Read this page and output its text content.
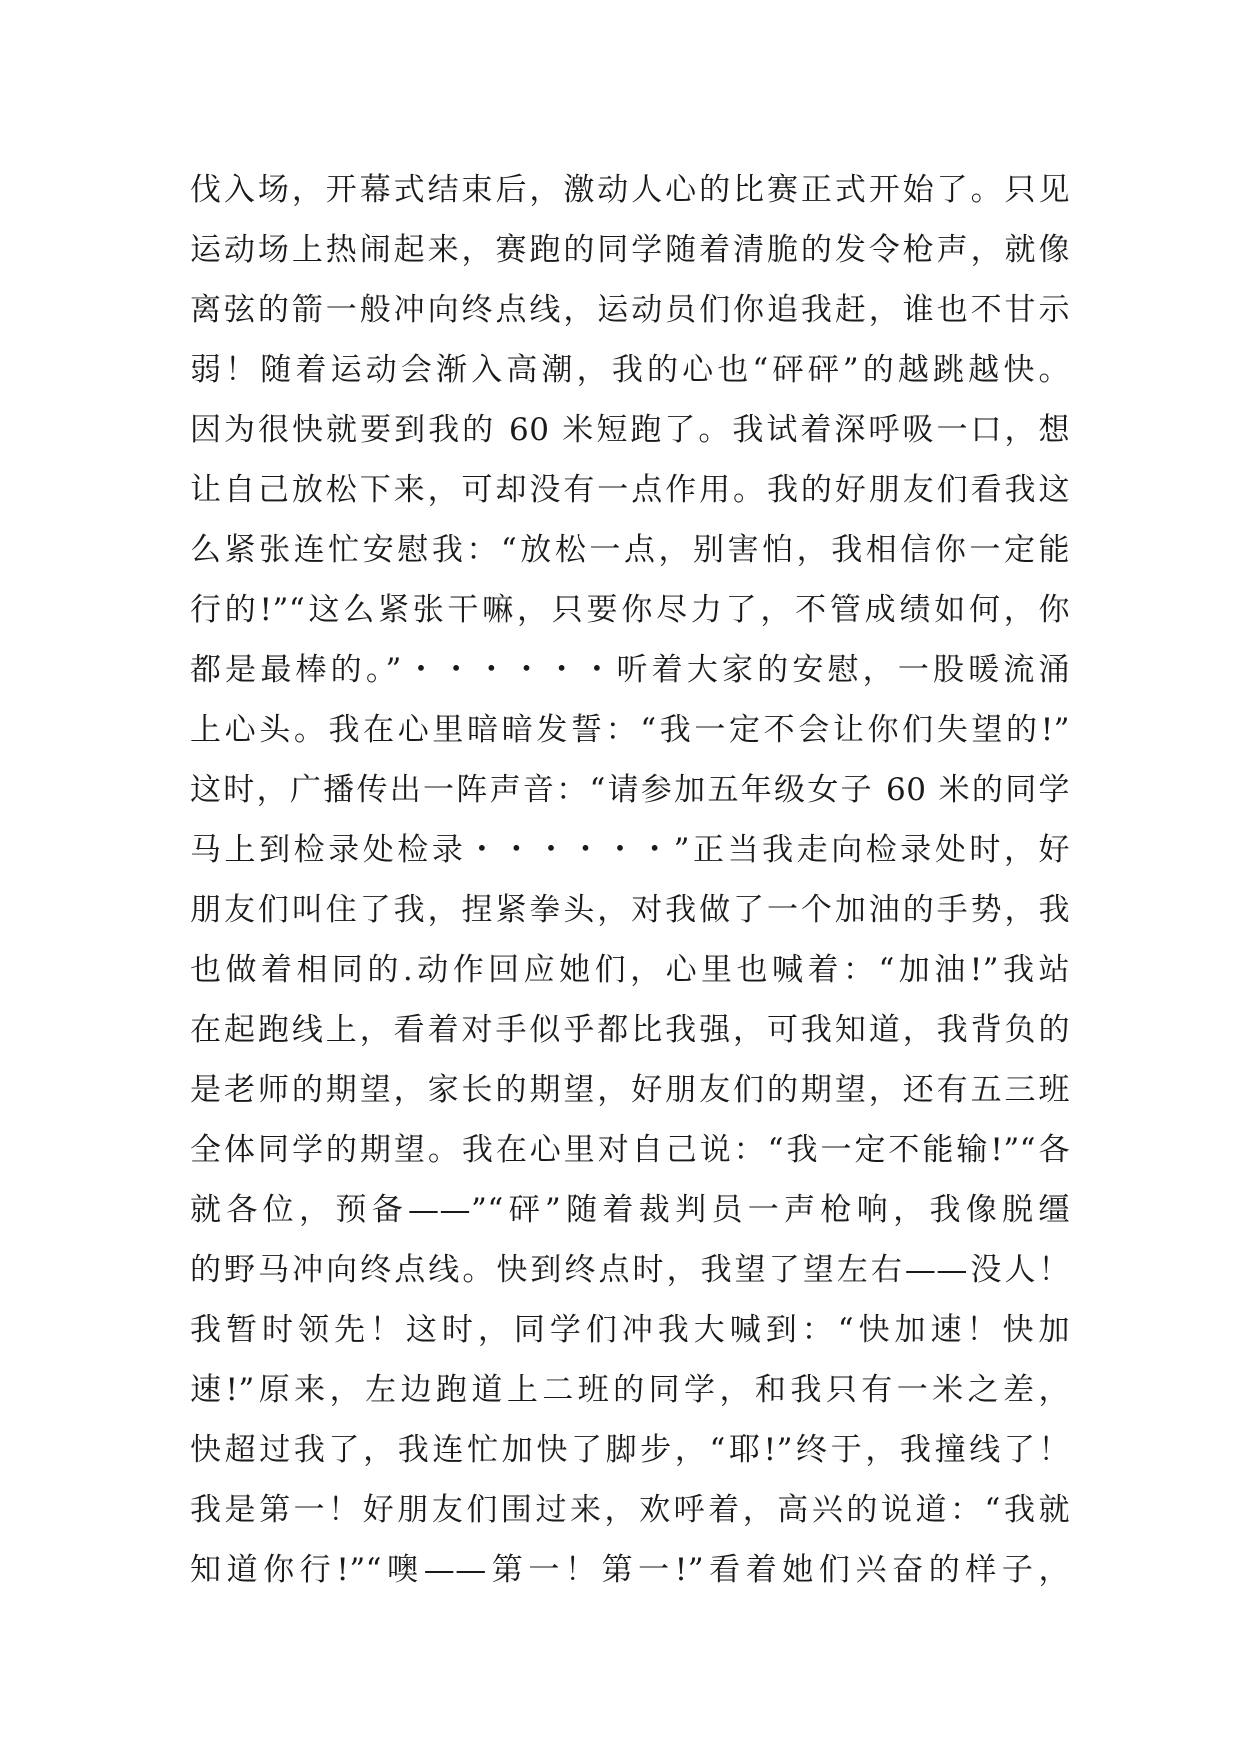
伐入场，开幕式结束后，激动人心的比赛正式开始了。只见
运动场上热闹起来，赛跑的同学随着清脆的发令枪声，就像
离弦的箭一般冲向终点线，运动员们你追我赶，谁也不甘示
弱！随着运动会渐入高潮，我的心也“砰砰”的越跳越快。
因为很快就要到我的 60 米短跑了。我试着深呼吸一口，想
让自己放松下来，可却没有一点作用。我的好朋友们看我这
么紧张连忙安慰我：“放松一点，别害怕，我相信你一定能
行的!”“这么紧张干嘛，只要你尽力了，不管成绩如何，你
都是最棒的。”・・・・・・听着大家的安慰，一股暖流涌
上心头。我在心里暗暗发誓：“我一定不会让你们失望的!”
这时，广播传出一阵声音：“请参加五年级女子 60 米的同学
马上到检录处检录・・・・・・”正当我走向检录处时，好
朋友们叫住了我，捏紧拳头，对我做了一个加油的手势，我
也做着相同的.动作回应她们，心里也喊着：“加油!”我站
在起跑线上，看着对手似乎都比我强，可我知道，我背负的
是老师的期望，家长的期望，好朋友们的期望，还有五三班
全体同学的期望。我在心里对自己说：“我一定不能输!”“各
就各位，预备——”“砰”随着裁判员一声枪响，我像脱缰
的野马冲向终点线。快到终点时，我望了望左右——没人！
我暂时领先！这时，同学们冲我大喊到：“快加速！快加
速!”原来，左边跑道上二班的同学，和我只有一米之差，
快超过我了，我连忙加快了脚步，“耶!”终于，我撞线了！
我是第一！好朋友们围过来，欢呼着，高兴的说道：“我就
知道你行!”“噢——第一！第一!”看着她们兴奋的样子，
